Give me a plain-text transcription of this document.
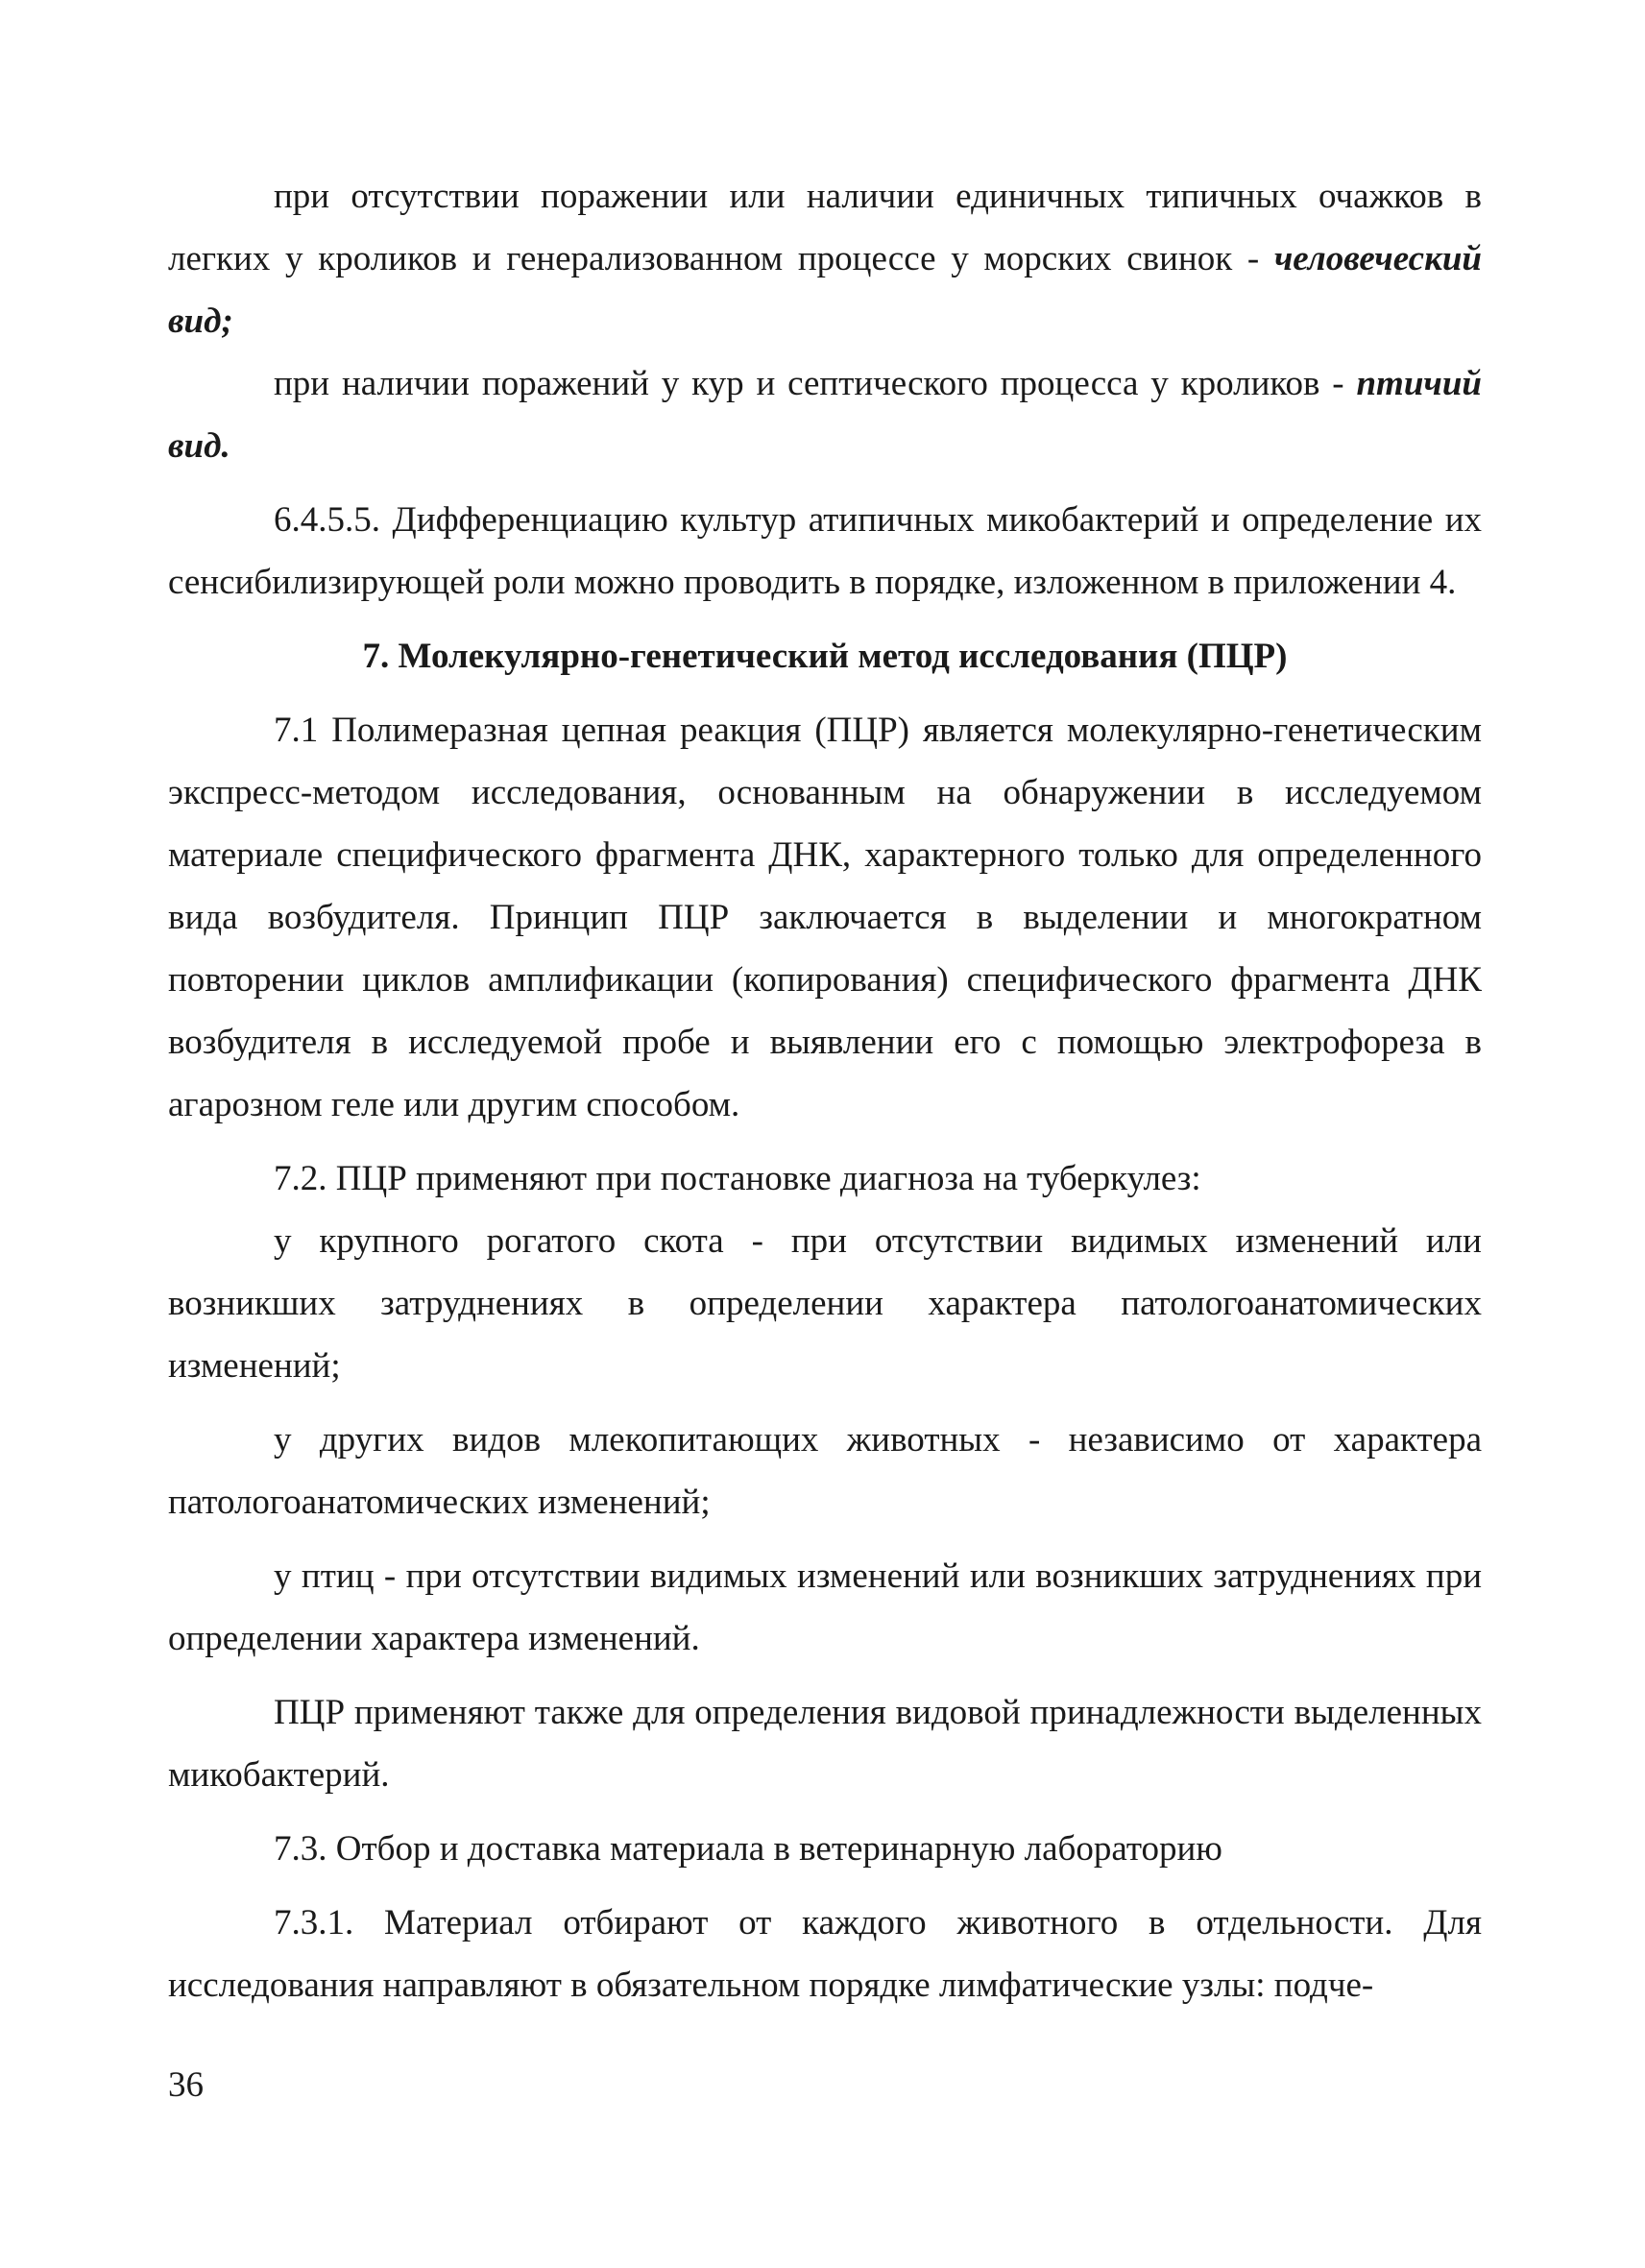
при отсутствии поражении или наличии единичных типичных очажков в легких у кроликов и генерализованном процессе у морских свинок - человеческий вид;

при наличии поражений у кур и септического процесса у кроликов - птичий вид.

6.4.5.5. Дифференциацию культур атипичных микобактерий и определение их сенсибилизирующей роли можно проводить в порядке, изложенном в приложении 4.

7. Молекулярно-генетический метод исследования (ПЦР)

7.1 Полимеразная цепная реакция (ПЦР) является молекулярно-генетическим экспресс-методом исследования, основанным на обнаружении в исследуемом материале специфического фрагмента ДНК, характерного только для определенного вида возбудителя. Принцип ПЦР заключается в выделении и многократном повторении циклов амплификации (копирования) специфического фрагмента ДНК возбудителя в исследуемой пробе и выявлении его с помощью электрофореза в агарозном геле или другим способом.

7.2. ПЦР применяют при постановке диагноза на туберкулез:

у крупного рогатого скота - при отсутствии видимых изменений или возникших затруднениях в определении характера патологоанатомических изменений;

у других видов млекопитающих животных - независимо от характера патологоанатомических изменений;

у птиц - при отсутствии видимых изменений или возникших затруднениях при определении характера изменений.

ПЦР применяют также для определения видовой принадлежности выделенных микобактерий.

7.3. Отбор и доставка материала в ветеринарную лабораторию

7.3.1. Материал отбирают от каждого животного в отдельности. Для исследования направляют в обязательном порядке лимфатические узлы: подче-

36
